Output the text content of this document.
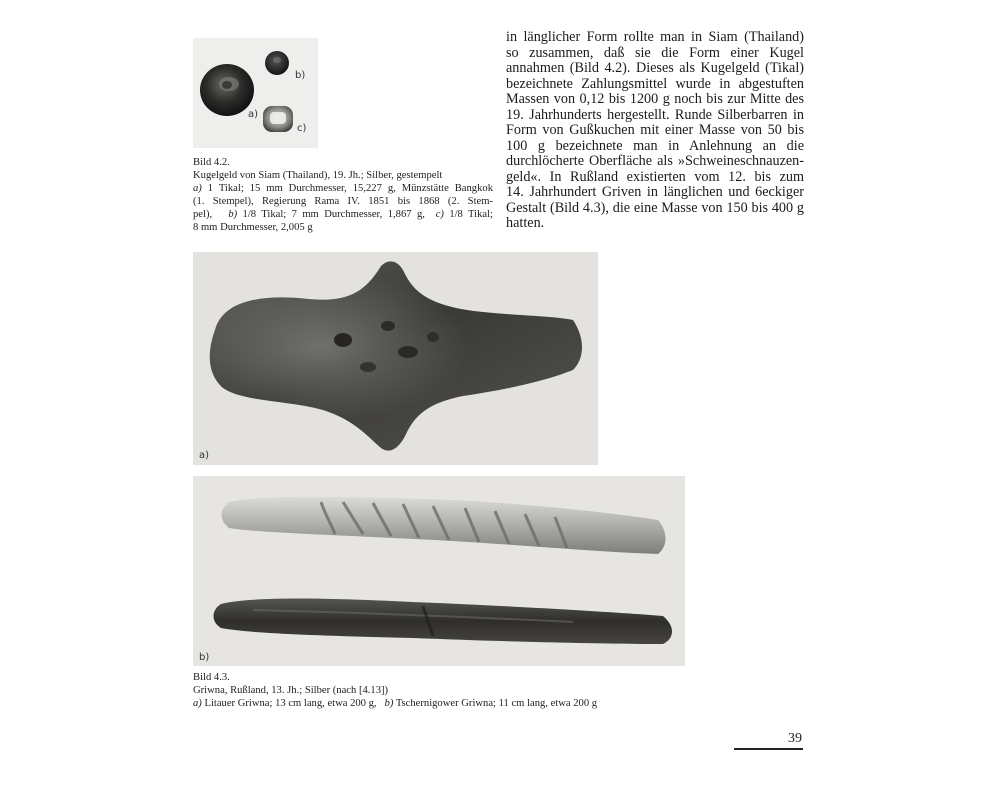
b)
a)
c)
Bild 4.2.
Kugelgeld von Siam (Thailand), 19. Jh.; Silber, gestempelt
a) 1 Tikal; 15 mm Durchmesser, 15,227 g, Münzstätte Bangkok
(1. Stempel), Regierung Rama IV. 1851 bis 1868 (2. Stem-
pel), b) 1/8 Tikal; 7 mm Durchmesser, 1,867 g, c) 1/8 Tikal;
8 mm Durchmesser, 2,005 g
in länglicher Form rollte man in Siam (Thailand)
so zusammen, daß sie die Form einer Kugel
annahmen (Bild 4.2). Dieses als Kugelgeld (Tikal)
bezeichnete Zahlungsmittel wurde in abgestuften
Massen von 0,12 bis 1200 g noch bis zur Mitte des
19. Jahrhunderts hergestellt. Runde Silberbarren in
Form von Gußkuchen mit einer Masse von 50 bis
100 g bezeichnete man in Anlehnung an die
durchlöcherte Oberfläche als »Schweineschnauzen-
geld«. In Rußland existierten vom 12. bis zum
14. Jahrhundert Griven in länglichen und 6eckiger
Gestalt (Bild 4.3), die eine Masse von 150 bis 400 g
hatten.
a)
b)
Bild 4.3.
Griwna, Rußland, 13. Jh.; Silber (nach [4.13])
a) Litauer Griwna; 13 cm lang, etwa 200 g, b) Tschernigower Griwna; 11 cm lang, etwa 200 g
39
